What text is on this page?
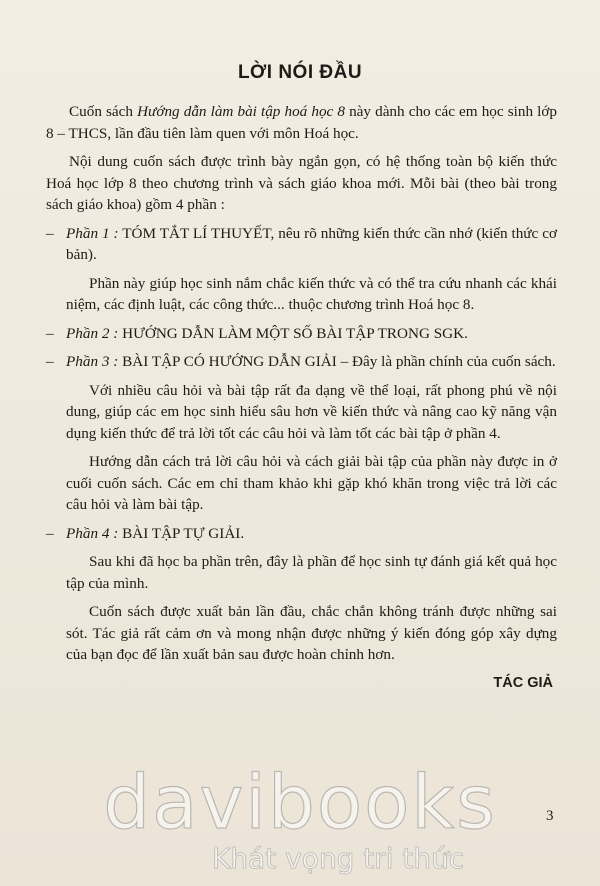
LỜI NÓI ĐẦU

Cuốn sách Hướng dẫn làm bài tập hoá học 8 này dành cho các em học sinh lớp 8 – THCS, lần đầu tiên làm quen với môn Hoá học.

Nội dung cuốn sách được trình bày ngắn gọn, có hệ thống toàn bộ kiến thức Hoá học lớp 8 theo chương trình và sách giáo khoa mới. Mỗi bài (theo bài trong sách giáo khoa) gồm 4 phần :

– Phần 1 : TÓM TẮT LÍ THUYẾT, nêu rõ những kiến thức cần nhớ (kiến thức cơ bản).

Phần này giúp học sinh nắm chắc kiến thức và có thể tra cứu nhanh các khái niệm, các định luật, các công thức... thuộc chương trình Hoá học 8.

– Phần 2 : HƯỚNG DẪN LÀM MỘT SỐ BÀI TẬP TRONG SGK.
– Phần 3 : BÀI TẬP CÓ HƯỚNG DẪN GIẢI – Đây là phần chính của cuốn sách.

Với nhiều câu hỏi và bài tập rất đa dạng về thể loại, rất phong phú về nội dung, giúp các em học sinh hiểu sâu hơn về kiến thức và nâng cao kỹ năng vận dụng kiến thức để trả lời tốt các câu hỏi và làm tốt các bài tập ở phần 4.

Hướng dẫn cách trả lời câu hỏi và cách giải bài tập của phần này được in ở cuối cuốn sách. Các em chỉ tham khảo khi gặp khó khăn trong việc trả lời các câu hỏi và làm bài tập.

– Phần 4 : BÀI TẬP TỰ GIẢI.

Sau khi đã học ba phần trên, đây là phần để học sinh tự đánh giá kết quả học tập của mình.

Cuốn sách được xuất bản lần đầu, chắc chắn không tránh được những sai sót. Tác giả rất cảm ơn và mong nhận được những ý kiến đóng góp xây dựng của bạn đọc để lần xuất bản sau được hoàn chỉnh hơn.

TÁC GIẢ
3
davibooks
Khát vọng tri thức
